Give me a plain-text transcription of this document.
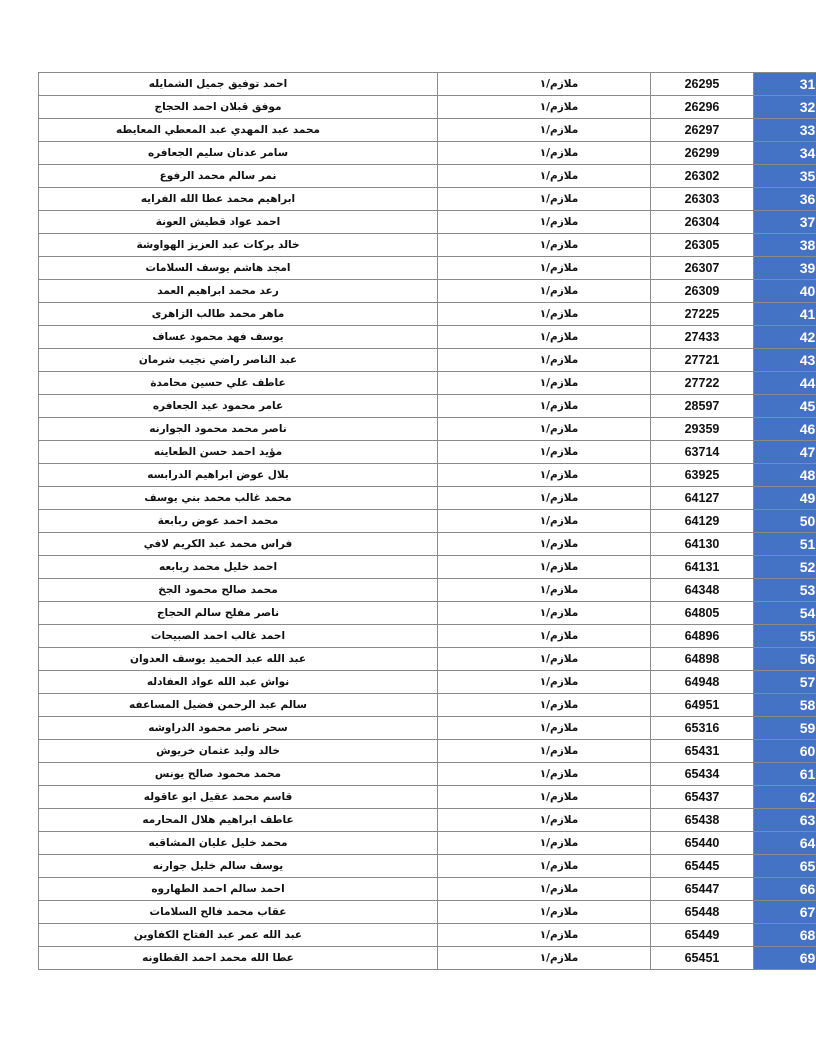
احمد توفيق جميل الشمايله	ملازم/١	26295	31
موفق قبلان احمد الحجاج	ملازم/١	26296	32
محمد عبد المهدي عبد المعطي المعايطه	ملازم/١	26297	33
سامر عدنان سليم الجعافره	ملازم/١	26299	34
نمر سالم محمد الرفوع	ملازم/١	26302	35
ابراهيم محمد عطا الله الفرايه	ملازم/١	26303	36
احمد عواد قطيش العونة	ملازم/١	26304	37
خالد بركات عبد العزيز الهواوشة	ملازم/١	26305	38
امجد هاشم يوسف السلامات	ملازم/١	26307	39
رعد محمد ابراهيم العمد	ملازم/١	26309	40
ماهر محمد طالب الزاهرى	ملازم/١	27225	41
يوسف فهد محمود عساف	ملازم/١	27433	42
عبد الناصر راضي نجيب شرمان	ملازم/١	27721	43
عاطف علي حسين محامدة	ملازم/١	27722	44
عامر محمود عيد الجعافره	ملازم/١	28597	45
ناصر محمد محمود الجوارنه	ملازم/١	29359	46
مؤيد احمد حسن الطعاينه	ملازم/١	63714	47
بلال عوض ابراهيم الدرابسه	ملازم/١	63925	48
محمد غالب محمد بني يوسف	ملازم/١	64127	49
محمد احمد عوض ربابعة	ملازم/١	64129	50
فراس محمد عبد الكريم لافي	ملازم/١	64130	51
احمد خليل محمد ربابعه	ملازم/١	64131	52
محمد صالح محمود الجخ	ملازم/١	64348	53
ناصر مفلح سالم الحجاج	ملازم/١	64805	54
احمد غالب احمد الصبيحات	ملازم/١	64896	55
عبد الله عبد الحميد يوسف العدوان	ملازم/١	64898	56
نواش عبد الله عواد العفادله	ملازم/١	64948	57
سالم عبد الرحمن فضيل المساعفه	ملازم/١	64951	58
سحر ناصر محمود الدراوشه	ملازم/١	65316	59
خالد وليد عثمان خريوش	ملازم/١	65431	60
محمد محمود صالح يونس	ملازم/١	65434	61
قاسم محمد عقيل ابو عاقوله	ملازم/١	65437	62
عاطف ابراهيم هلال المحارمه	ملازم/١	65438	63
محمد خليل عليان المشاقبه	ملازم/١	65440	64
يوسف سالم خليل جوارنه	ملازم/١	65445	65
احمد سالم احمد الطهاروه	ملازم/١	65447	66
عقاب محمد فالح السلامات	ملازم/١	65448	67
عبد الله عمر عبد الفتاح الكفاوين	ملازم/١	65449	68
عطا الله محمد احمد القطاونه	ملازم/١	65451	69
